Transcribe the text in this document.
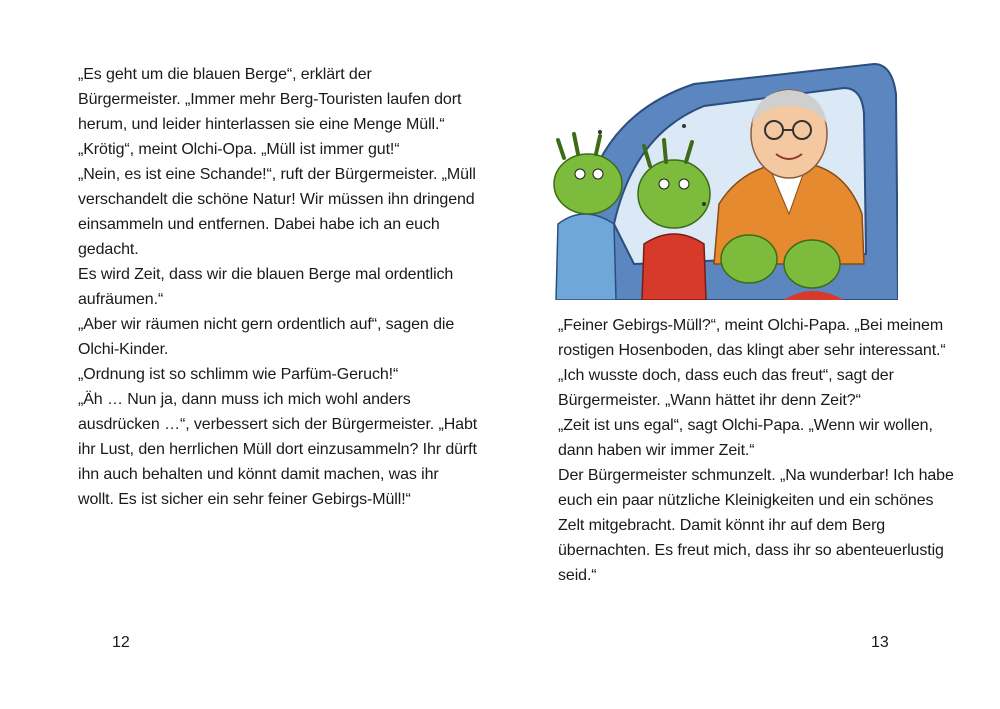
„Es geht um die blauen Berge“, erklärt der Bürgermeister. „Immer mehr Berg-Touristen laufen dort herum, und leider hinterlassen sie eine Menge Müll.“

„Krötig“, meint Olchi-Opa. „Müll ist immer gut!“

„Nein, es ist eine Schande!“, ruft der Bürgermeister. „Müll verschandelt die schöne Natur! Wir müssen ihn dringend einsammeln und entfernen. Dabei habe ich an euch gedacht.

Es wird Zeit, dass wir die blauen Berge mal ordentlich aufräumen.“

„Aber wir räumen nicht gern ordentlich auf“, sagen die Olchi-Kinder.

„Ordnung ist so schlimm wie Parfüm-Geruch!“

„Äh … Nun ja, dann muss ich mich wohl anders ausdrücken …“, verbessert sich der Bürgermeister. „Habt ihr Lust, den herrlichen Müll dort einzusammeln? Ihr dürft ihn auch behalten und könnt damit machen, was ihr wollt. Es ist sicher ein sehr feiner Gebirgs-Müll!“

12

„Feiner Gebirgs-Müll?“, meint Olchi-Papa. „Bei meinem rostigen Hosenboden, das klingt aber sehr interessant.“

„Ich wusste doch, dass euch das freut“, sagt der Bürgermeister. „Wann hättet ihr denn Zeit?“

„Zeit ist uns egal“, sagt Olchi-Papa. „Wenn wir wollen, dann haben wir immer Zeit.“

Der Bürgermeister schmunzelt. „Na wunderbar! Ich habe euch ein paar nützliche Kleinigkeiten und ein schönes Zelt mitgebracht. Damit könnt ihr auf dem Berg übernachten. Es freut mich, dass ihr so abenteuerlustig seid.“

13
